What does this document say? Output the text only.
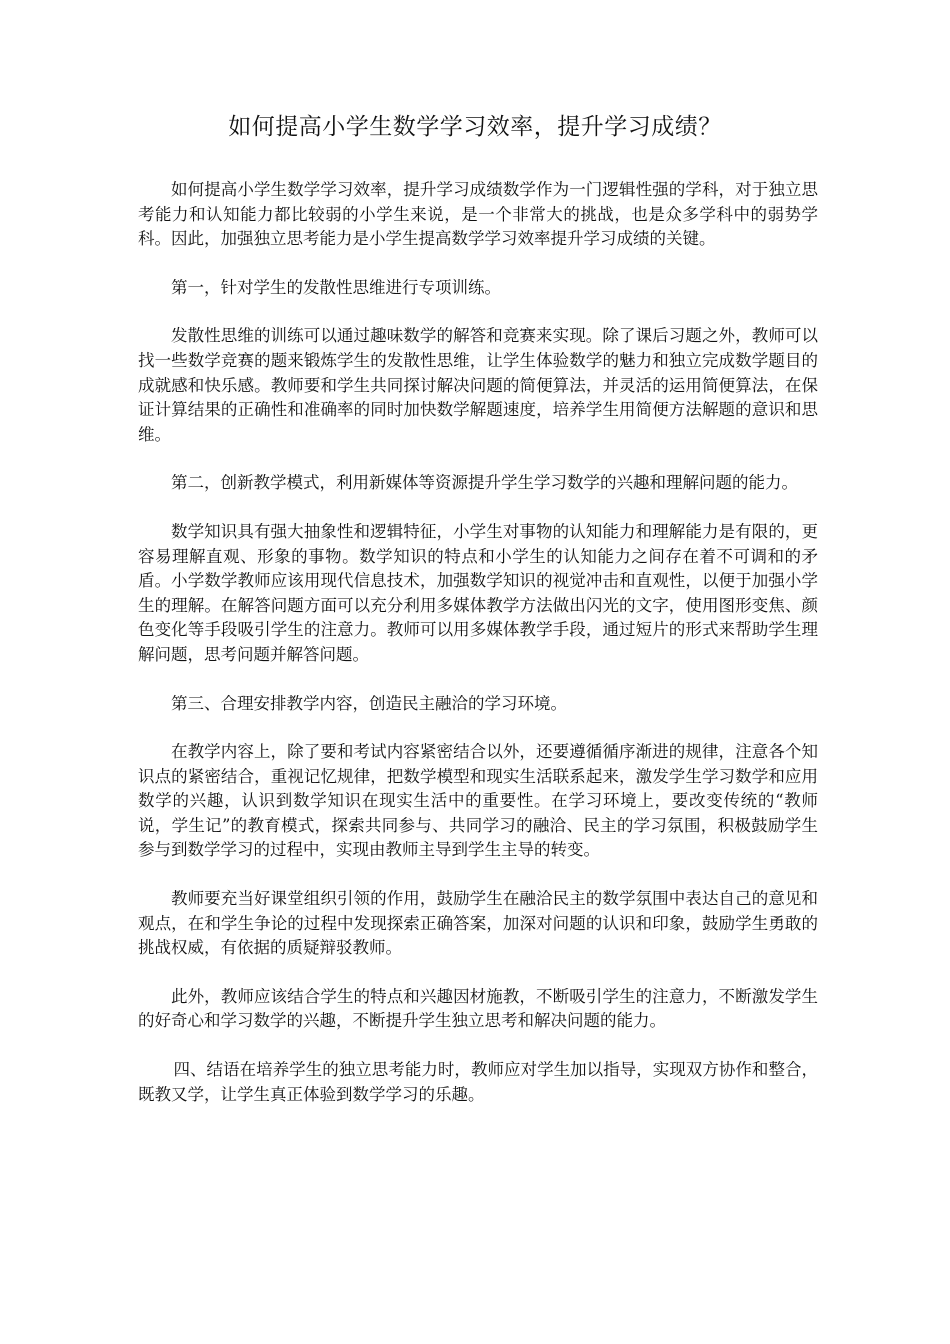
如何提高小学生数学学习效率，提升学习成绩？

如何提高小学生数学学习效率，提升学习成绩数学作为一门逻辑性强的学科，对于独立思考能力和认知能力都比较弱的小学生来说，是一个非常大的挑战，也是众多学科中的弱势学科。因此，加强独立思考能力是小学生提高数学学习效率提升学习成绩的关键。

第一，针对学生的发散性思维进行专项训练。

发散性思维的训练可以通过趣味数学的解答和竞赛来实现。除了课后习题之外，教师可以找一些数学竞赛的题来锻炼学生的发散性思维，让学生体验数学的魅力和独立完成数学题目的成就感和快乐感。教师要和学生共同探讨解决问题的简便算法，并灵活的运用简便算法，在保证计算结果的正确性和准确率的同时加快数学解题速度，培养学生用简便方法解题的意识和思维。

第二，创新教学模式，利用新媒体等资源提升学生学习数学的兴趣和理解问题的能力。

数学知识具有强大抽象性和逻辑特征，小学生对事物的认知能力和理解能力是有限的，更容易理解直观、形象的事物。数学知识的特点和小学生的认知能力之间存在着不可调和的矛盾。小学数学教师应该用现代信息技术，加强数学知识的视觉冲击和直观性，以便于加强小学生的理解。在解答问题方面可以充分利用多媒体教学方法做出闪光的文字，使用图形变焦、颜色变化等手段吸引学生的注意力。教师可以用多媒体教学手段，通过短片的形式来帮助学生理解问题，思考问题并解答问题。

第三、合理安排教学内容，创造民主融洽的学习环境。

在教学内容上，除了要和考试内容紧密结合以外，还要遵循循序渐进的规律，注意各个知识点的紧密结合，重视记忆规律，把数学模型和现实生活联系起来，激发学生学习数学和应用数学的兴趣，认识到数学知识在现实生活中的重要性。在学习环境上，要改变传统的“教师说，学生记”的教育模式，探索共同参与、共同学习的融洽、民主的学习氛围，积极鼓励学生参与到数学学习的过程中，实现由教师主导到学生主导的转变。

教师要充当好课堂组织引领的作用，鼓励学生在融洽民主的数学氛围中表达自己的意见和观点，在和学生争论的过程中发现探索正确答案，加深对问题的认识和印象，鼓励学生勇敢的挑战权威，有依据的质疑辩驳教师。

此外，教师应该结合学生的特点和兴趣因材施教，不断吸引学生的注意力，不断激发学生的好奇心和学习数学的兴趣，不断提升学生独立思考和解决问题的能力。

四、结语在培养学生的独立思考能力时，教师应对学生加以指导，实现双方协作和整合，既教又学，让学生真正体验到数学学习的乐趣。
